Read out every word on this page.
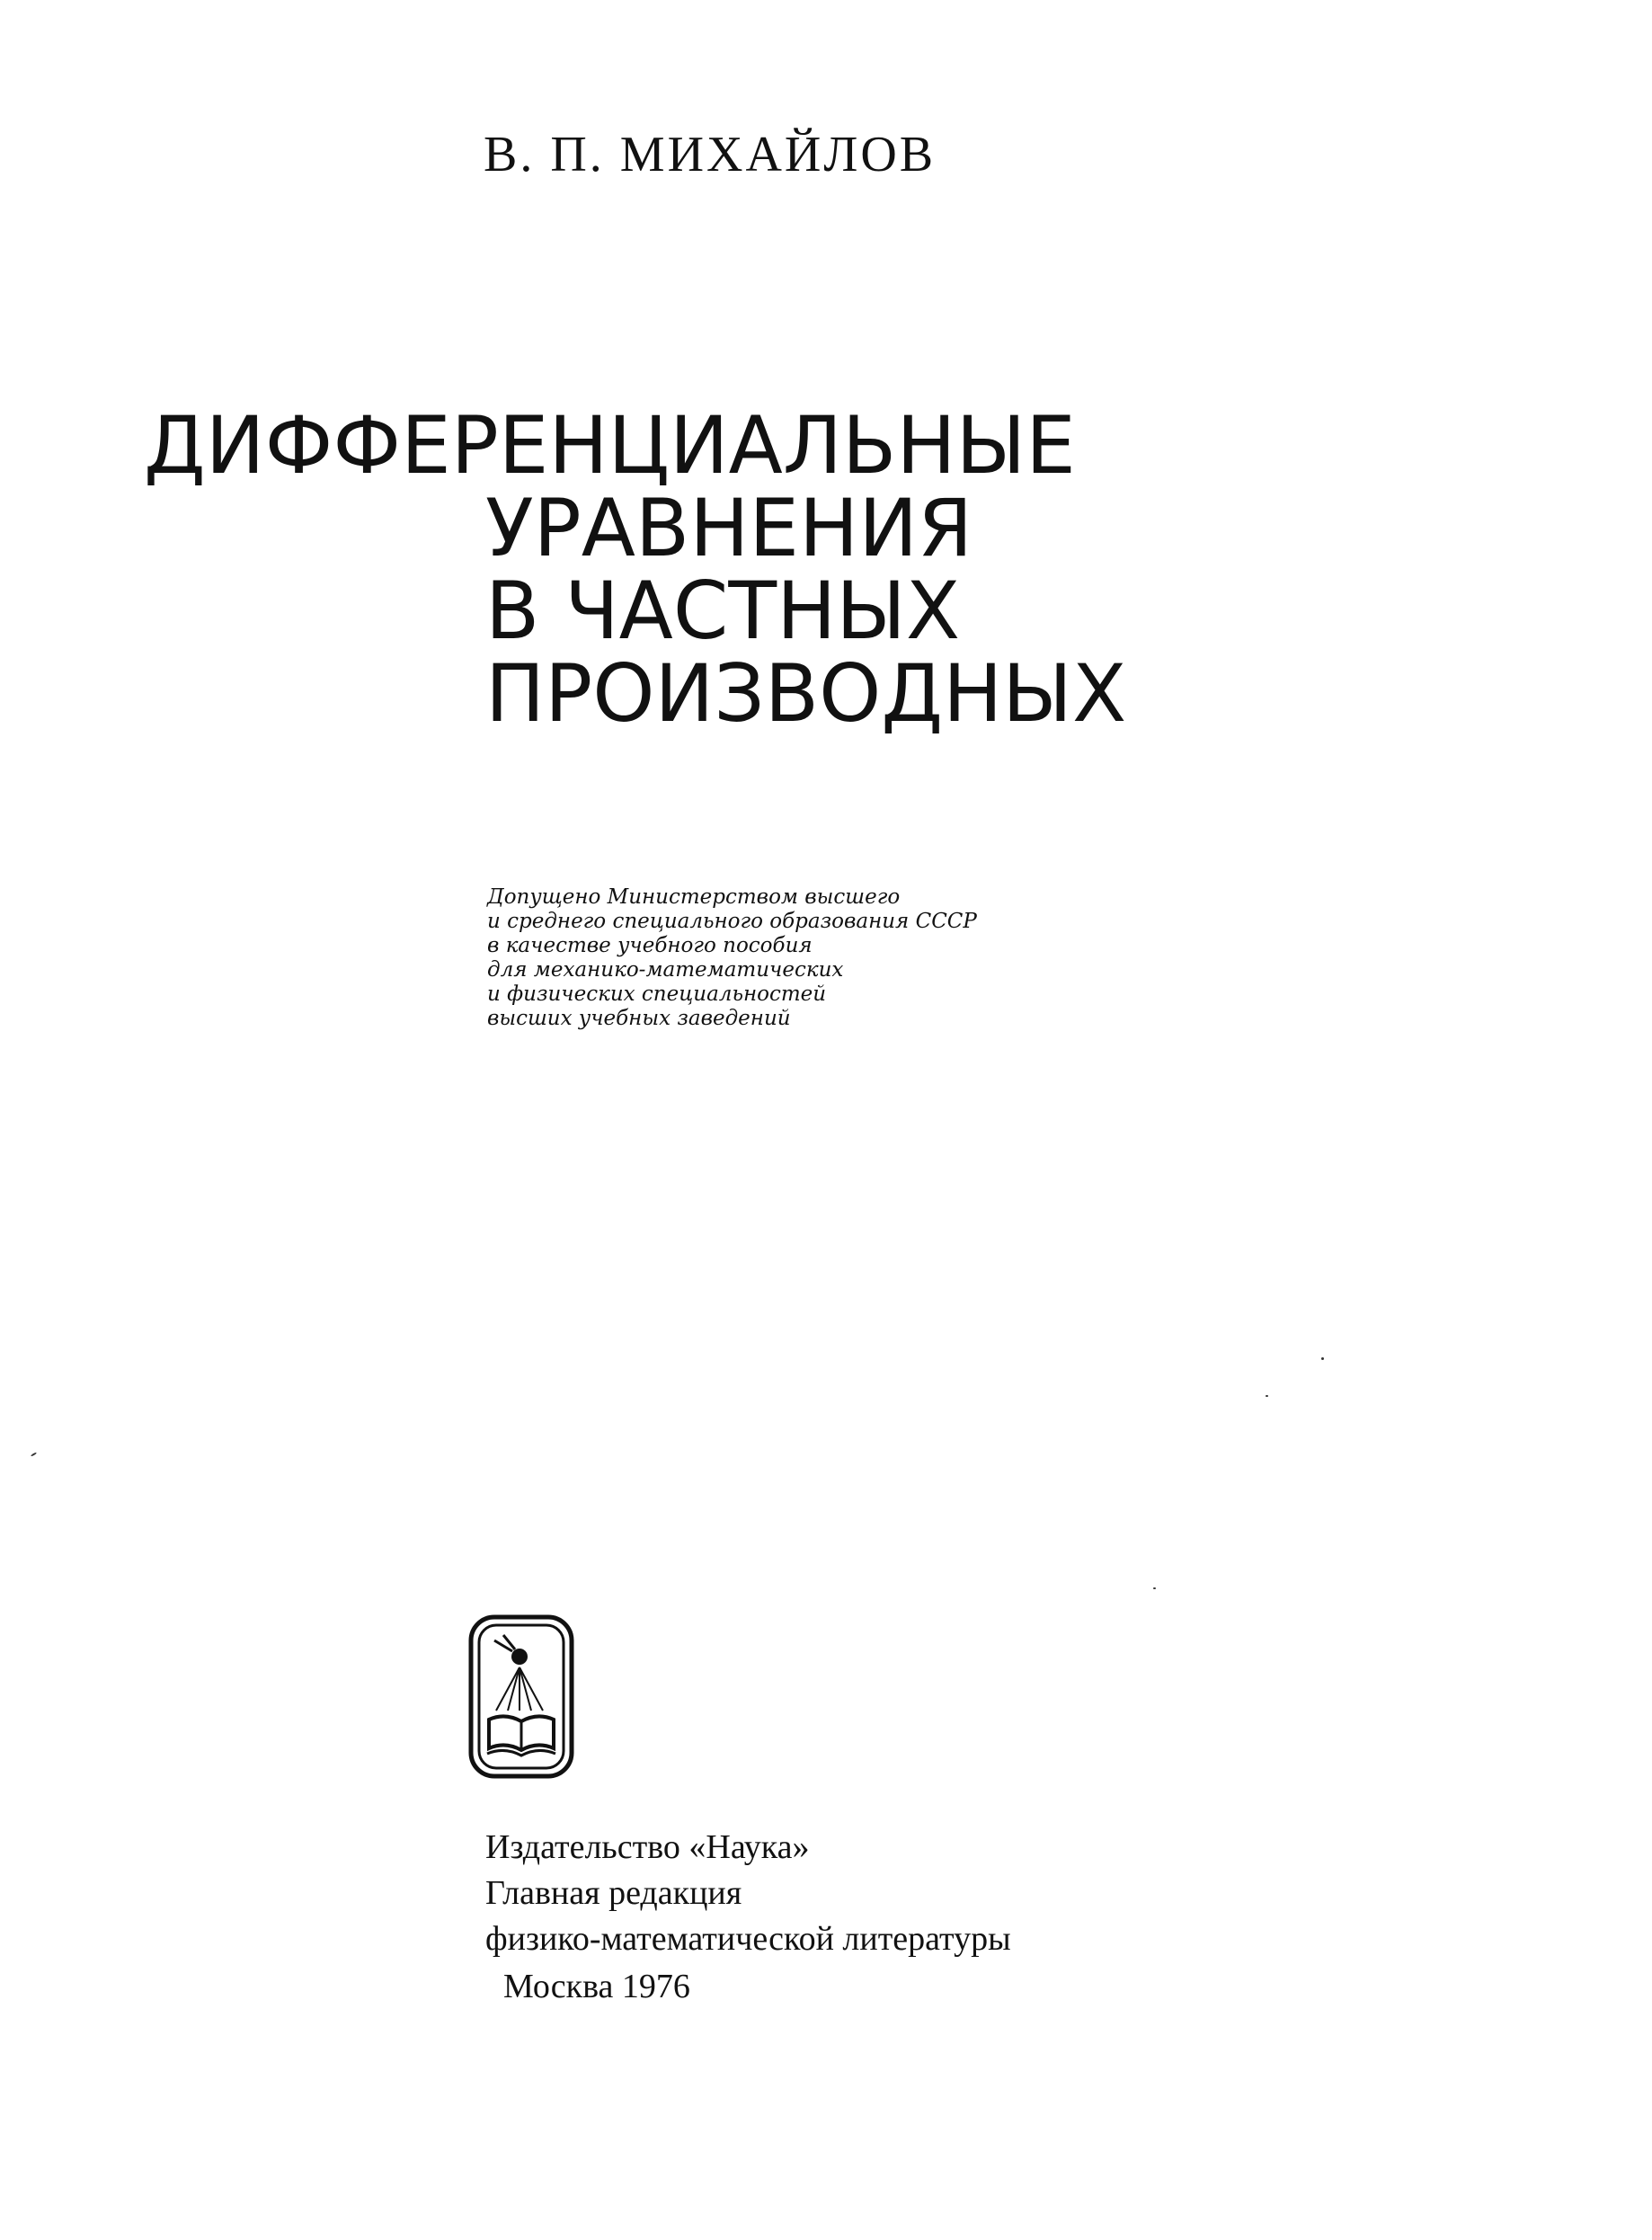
В. П. МИХАЙЛОВ
ДИФФЕРЕНЦИАЛЬНЫЕ
УРАВНЕНИЯ
В ЧАСТНЫХ
ПРОИЗВОДНЫХ
Допущено Министерством высшего
и среднего специального образования СССР
в качестве учебного пособия
для механико-математических
и физических специальностей
высших учебных заведений
Издательство «Наука»
Главная редакция
физико-математической литературы
Москва 1976
